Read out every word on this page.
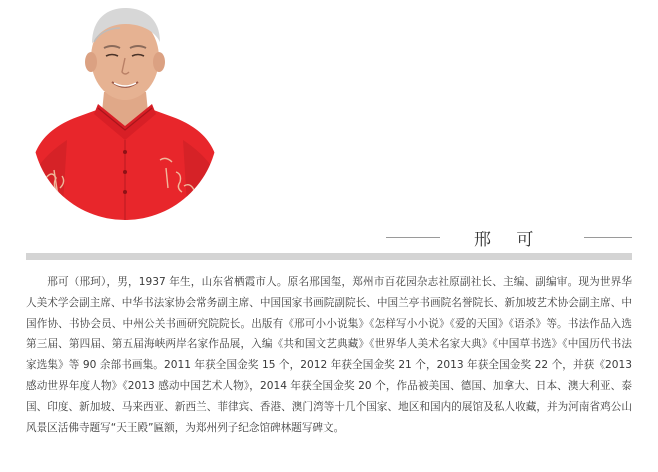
邢 可

邢可（邢珂），男，1937 年生，山东省栖霞市人。原名邢国玺，郑州市百花园杂志社原副社长、主编、副编审。现为世界华人美术学会副主席、中华书法家协会常务副主席、中国国家书画院副院长、中国兰亭书画院名誉院长、新加坡艺术协会副主席、中国作协、书协会员、中州公关书画研究院院长。出版有《邢可小小说集》《怎样写小小说》《爱的天国》《语杀》等。书法作品入选第三届、第四届、第五届海峡两岸名家作品展，入编《共和国文艺典藏》《世界华人美术名家大典》《中国草书选》《中国历代书法家选集》等 90 余部书画集。2011 年获全国金奖 15 个，2012 年获全国金奖 21 个，2013 年获全国金奖 22 个，并获《2013 感动世界年度人物》《2013 感动中国艺术人物》，2014 年获全国金奖 20 个，作品被美国、德国、加拿大、日本、澳大利亚、泰国、印度、新加坡、马来西亚、新西兰、菲律宾、香港、澳门湾等十几个国家、地区和国内的展馆及私人收藏，并为河南省鸡公山风景区活佛寺题写“天王殿”匾额，为郑州列子纪念馆碑林题写碑文。
